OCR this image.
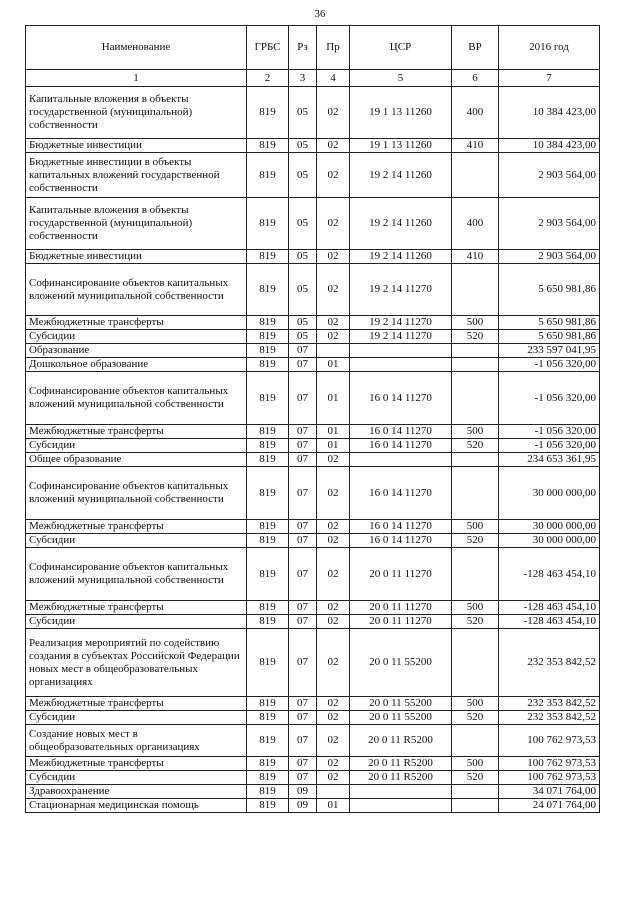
36
Наименование	ГРБС	Рз	Пр	ЦСР	ВР	2016 год
1	2	3	4	5	6	7
Капитальные вложения в объекты государственной (муниципальной) собственности	819	05	02	19 1 13 11260	400	10 384 423,00
Бюджетные инвестиции	819	05	02	19 1 13 11260	410	10 384 423,00
Бюджетные инвестиции в объекты капитальных вложений государственной собственности	819	05	02	19 2 14 11260		2 903 564,00
Капитальные вложения в объекты государственной (муниципальной) собственности	819	05	02	19 2 14 11260	400	2 903 564,00
Бюджетные инвестиции	819	05	02	19 2 14 11260	410	2 903 564,00
Софинансирование объектов капитальных вложений муниципальной собственности	819	05	02	19 2 14 11270		5 650 981,86
Межбюджетные трансферты	819	05	02	19 2 14 11270	500	5 650 981,86
Субсидии	819	05	02	19 2 14 11270	520	5 650 981,86
Образование	819	07				233 597 041,95
Дошкольное образование	819	07	01			-1 056 320,00
Софинансирование объектов капитальных вложений муниципальной собственности	819	07	01	16 0 14 11270		-1 056 320,00
Межбюджетные трансферты	819	07	01	16 0 14 11270	500	-1 056 320,00
Субсидии	819	07	01	16 0 14 11270	520	-1 056 320,00
Общее образование	819	07	02			234 653 361,95
Софинансирование объектов капитальных вложений муниципальной собственности	819	07	02	16 0 14 11270		30 000 000,00
Межбюджетные трансферты	819	07	02	16 0 14 11270	500	30 000 000,00
Субсидии	819	07	02	16 0 14 11270	520	30 000 000,00
Софинансирование объектов капитальных вложений муниципальной собственности	819	07	02	20 0 11 11270		-128 463 454,10
Межбюджетные трансферты	819	07	02	20 0 11 11270	500	-128 463 454,10
Субсидии	819	07	02	20 0 11 11270	520	-128 463 454,10
Реализация мероприятий по содействию создания в субъектах Российской Федерации новых мест в общеобразовательных организациях	819	07	02	20 0 11 55200		232 353 842,52
Межбюджетные трансферты	819	07	02	20 0 11 55200	500	232 353 842,52
Субсидии	819	07	02	20 0 11 55200	520	232 353 842,52
Создание новых мест в общеобразовательных организациях	819	07	02	20 0 11 R5200		100 762 973,53
Межбюджетные трансферты	819	07	02	20 0 11 R5200	500	100 762 973,53
Субсидии	819	07	02	20 0 11 R5200	520	100 762 973,53
Здравоохранение	819	09				34 071 764,00
Стационарная медицинская помощь	819	09	01			24 071 764,00
